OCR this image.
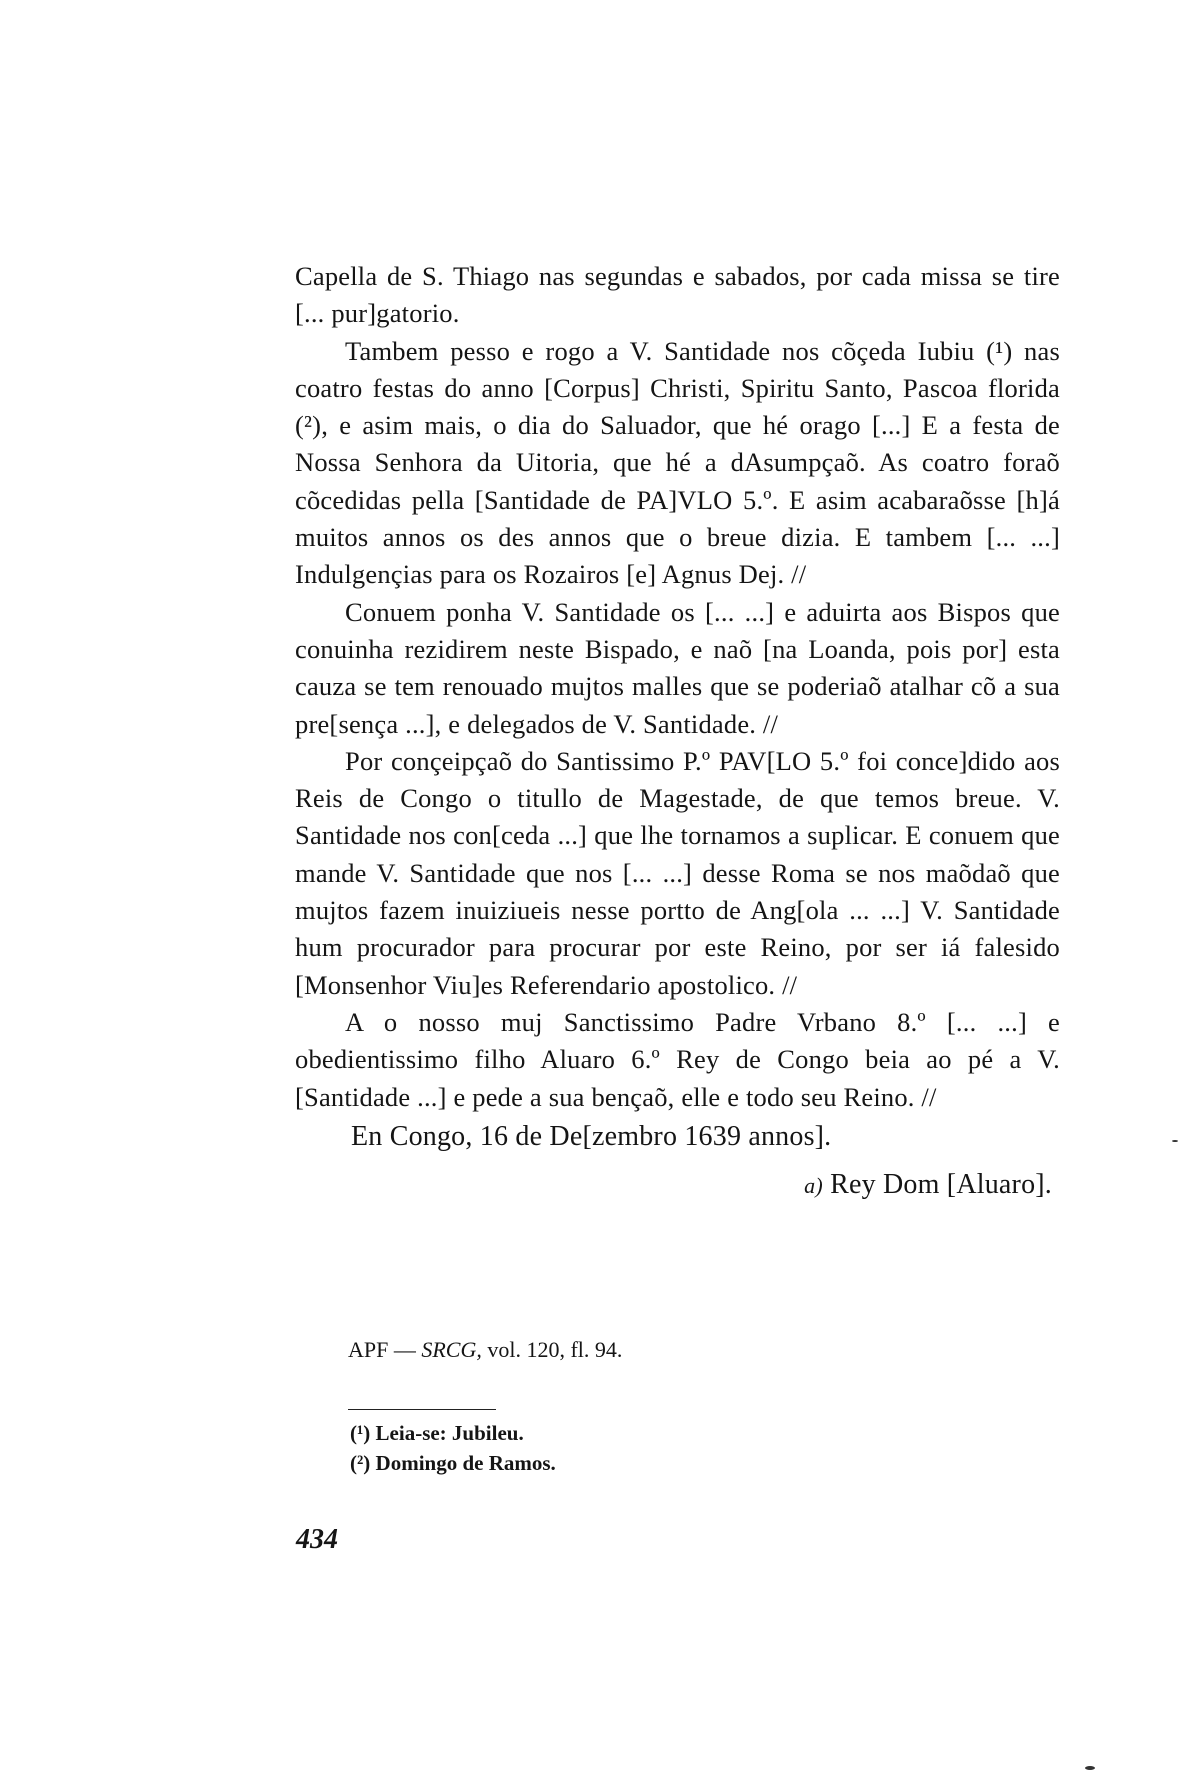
Capella de S. Thiago nas segundas e sabados, por cada missa se tire [... pur]gatorio.

Tambem pesso e rogo a V. Santidade nos cõçeda Iubiu (¹) nas coatro festas do anno [Corpus] Christi, Spiritu Santo, Pascoa florida (²), e asim mais, o dia do Saluador, que hé orago [...] E a festa de Nossa Senhora da Uitoria, que hé a dAsumpçaõ. As coatro foraõ cõcedidas pella [Santidade de PA]VLO 5.º. E asim acabaraõsse [h]á muitos annos os des annos que o breue dizia. E tambem [... ...] Indulgençias para os Rozairos [e] Agnus Dej. //

Conuem ponha V. Santidade os [... ...] e aduirta aos Bispos que conuinha rezidirem neste Bispado, e naõ [na Loanda, pois por] esta cauza se tem renouado mujtos malles que se poderiaõ atalhar cõ a sua pre[sença ...], e delegados de V. Santidade. //

Por conçeipçaõ do Santissimo P.º PAV[LO 5.º foi conce]dido aos Reis de Congo o titullo de Magestade, de que temos breue. V. Santidade nos con[ceda ...] que lhe tornamos a suplicar. E conuem que mande V. Santidade que nos [... ...] desse Roma se nos maõdaõ que mujtos fazem inuiziueis nesse portto de Ang[ola ... ...] V. Santidade hum procurador para procurar por este Reino, por ser iá falesido [Monsenhor Viu]es Referendario apostolico. //

A o nosso muj Sanctissimo Padre Vrbano 8.º [... ...] e obedientissimo filho Aluaro 6.º Rey de Congo beia ao pé a V. [Santidade ...] e pede a sua bençaõ, elle e todo seu Reino. //

En Congo, 16 de De[zembro 1639 annos].

a) Rey Dom [Aluaro].

APF — SRCG, vol. 120, fl. 94.

(¹) Leia-se: Jubileu.

(²) Domingo de Ramos.

434
